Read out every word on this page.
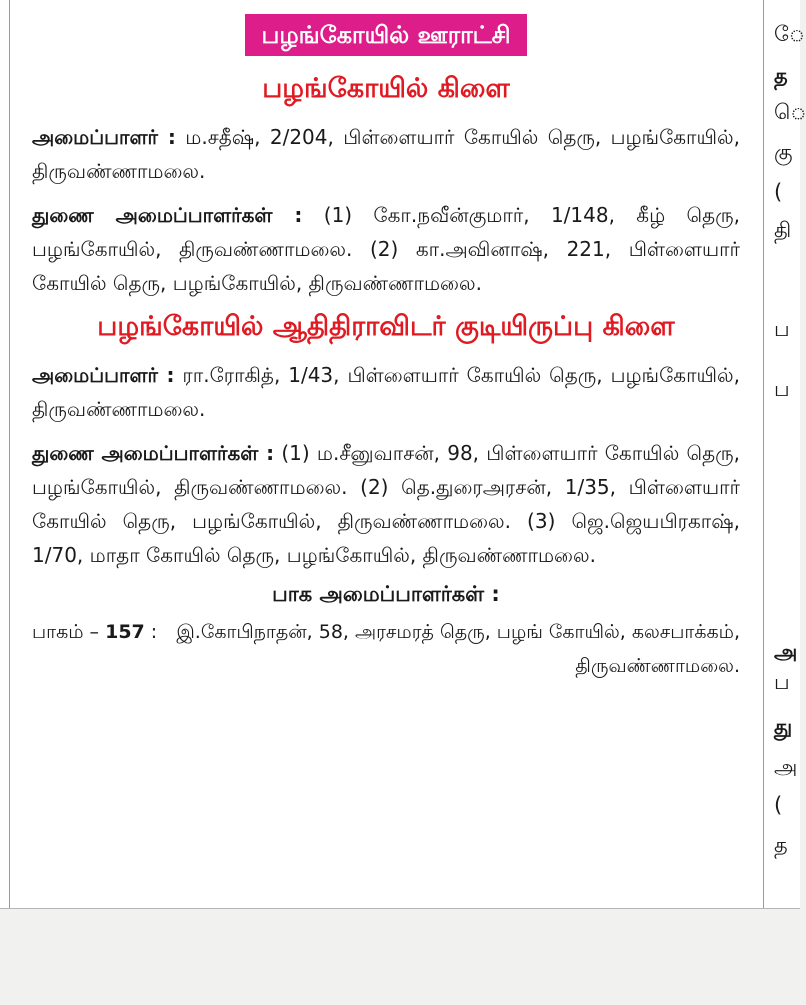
பழங்கோயில் ஊராட்சி
பழங்கோயில் கிளை

அமைப்பாளர் : ம.சதீஷ், 2/204, பிள்ளையார் கோயில் தெரு, பழங்கோயில், திருவண்ணாமலை.

துணை அமைப்பாளர்கள் : (1) கோ.நவீன்குமார், 1/148, கீழ் தெரு, பழங்கோயில், திருவண்ணாமலை. (2) கா.அவினாஷ், 221, பிள்ளையார் கோயில் தெரு, பழங்கோயில், திருவண்ணாமலை.

பழங்கோயில் ஆதிதிராவிடர் குடியிருப்பு கிளை

அமைப்பாளர் : ரா.ரோகித், 1/43, பிள்ளையார் கோயில் தெரு, பழங்கோயில், திருவண்ணாமலை.

துணை அமைப்பாளர்கள் : (1) ம.சீனுவாசன், 98, பிள்ளையார் கோயில் தெரு, பழங்கோயில், திருவண்ணாமலை. (2) தெ.துரைஅரசன், 1/35, பிள்ளையார் கோயில் தெரு, பழங்கோயில், திருவண்ணாமலை. (3) ஜெ.ஜெயபிரகாஷ், 1/70, மாதா கோயில் தெரு, பழங்கோயில், திருவண்ணாமலை.

பாக அமைப்பாளர்கள் :
பாகம் – 157 : இ.கோபிநாதன், 58, அரசமரத் தெரு, பழங் கோயில், கலசபாக்கம், திருவண்ணாமலை.
ே
த
ெ
கு
(
தி
ப
ப
அ
ப
து
அ
(
த
